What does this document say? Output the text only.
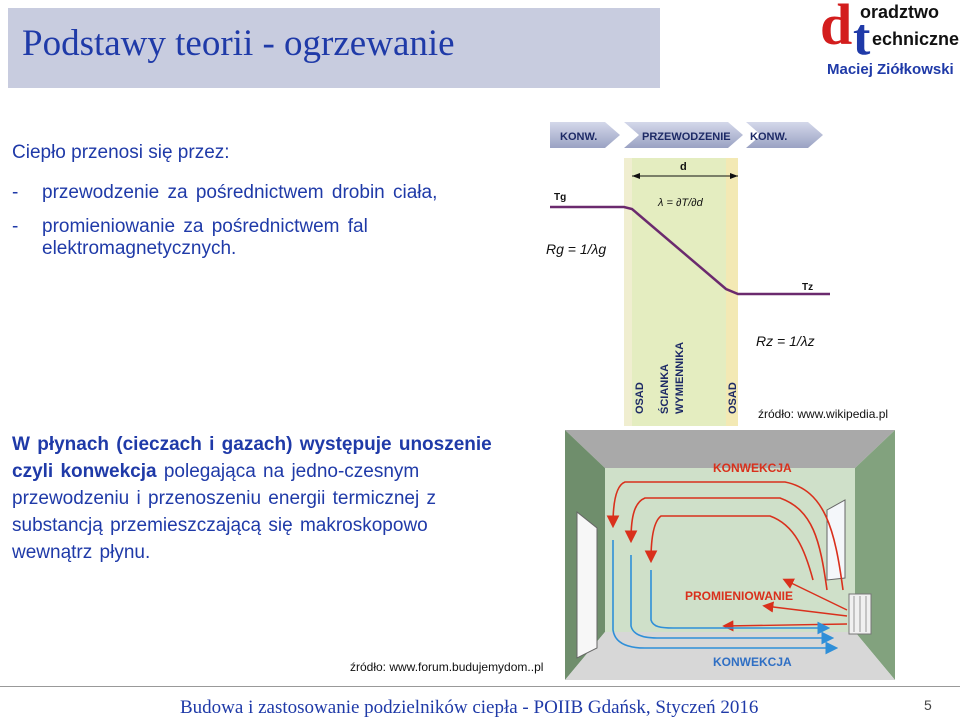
Podstawy teorii - ogrzewanie	d t
oradztwo
echniczne
Maciej Ziółkowski
Ciepło przenosi się przez:
- przewodzenie za pośrednictwem drobin ciała,
- promieniowanie za pośrednictwem fal elektromagnetycznych.
W płynach (cieczach i gazach) występuje unoszenie czyli konwekcja polegająca na jedno-czesnym przewodzeniu i przenoszeniu energii termicznej z substancją przemieszczającą się makroskopowo wewnątrz płynu.
KONW.	PRZEWODZENIE KONW.
d
Tg
Tz
λ = ∂T/∂d
Rg = 1/λg
Rz = 1/λz
OSAD ŚCIANKA WYMIENNIKA	OSAD źródło: www.wikipedia.pl
KONWEKCJA
PROMIENIOWANIE
KONWEKCJA
źródło: www.forum.budujemydom..pl
Budowa i zastosowanie podzielników ciepła - POIIB Gdańsk, Styczeń 2016	5
